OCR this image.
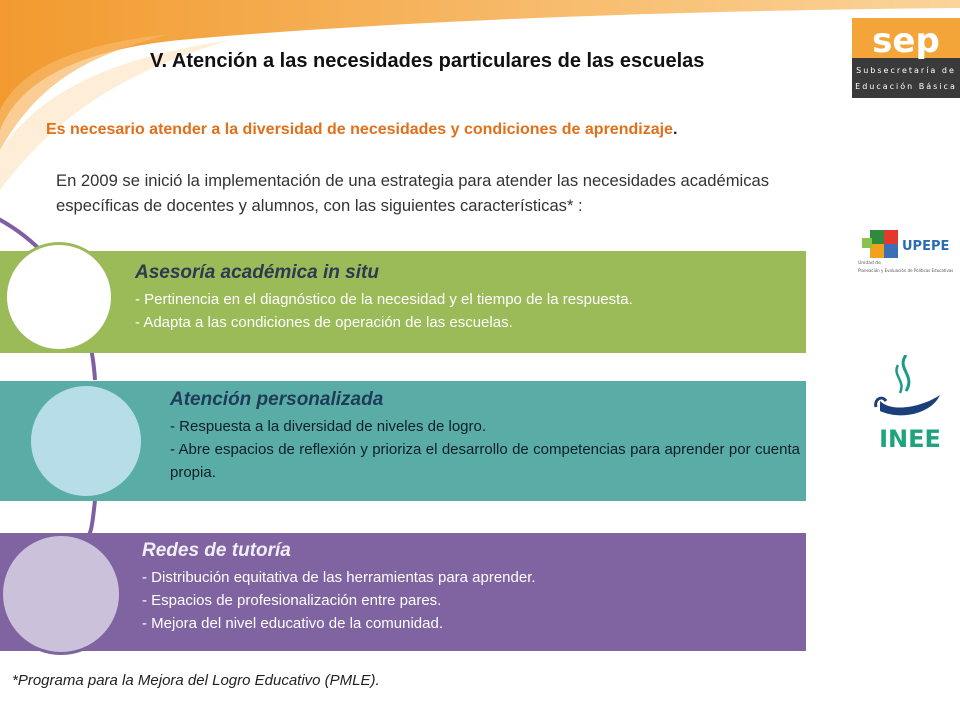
V. Atención a las necesidades particulares de las escuelas	sep
Subsecretaría de
Educación Básica
Es necesario atender a la diversidad de necesidades y condiciones de aprendizaje.
En 2009 se inició la implementación de una estrategia para atender las necesidades académicas específicas de docentes y alumnos, con las siguientes características* :
UPEPE
Unidad de
Planeación y Evaluación de Políticas Educativas
INEE
Asesoría académica in situ
- Pertinencia en el diagnóstico de la necesidad y el tiempo de la respuesta.
- Adapta a las condiciones de operación de las escuelas.
Atención personalizada
- Respuesta a la diversidad de niveles de logro.
- Abre espacios de reflexión y prioriza el desarrollo de competencias para aprender por cuenta propia.
Redes de tutoría
- Distribución equitativa de las herramientas para aprender.
- Espacios de profesionalización entre pares.
- Mejora del nivel educativo de la comunidad.
*Programa para la Mejora del Logro Educativo (PMLE).
